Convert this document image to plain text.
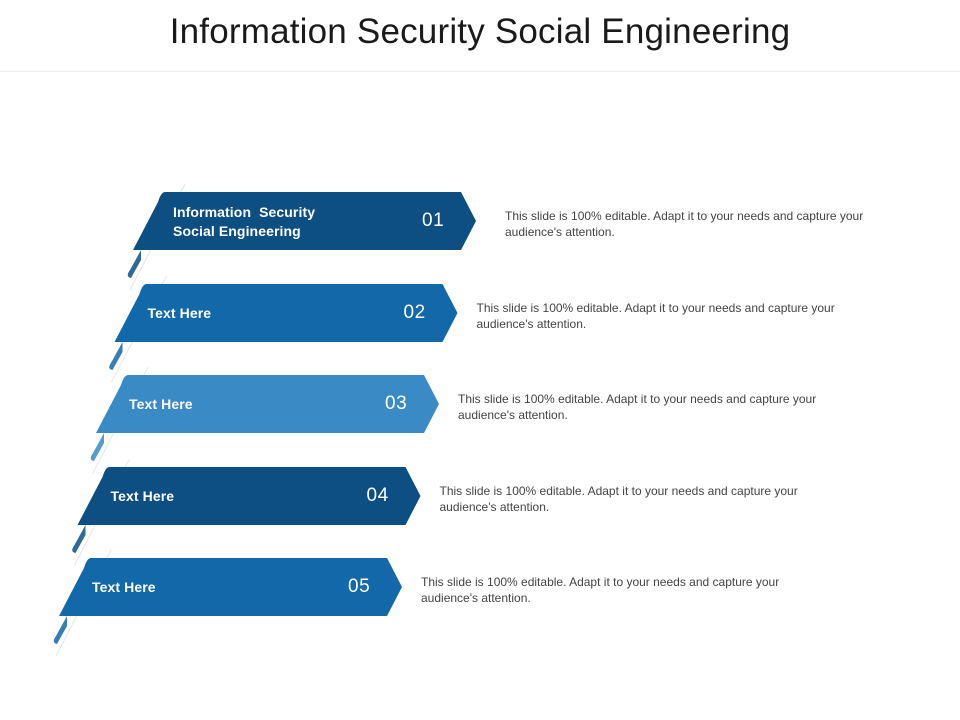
Information Security Social Engineering
Information  Security
Social Engineering	01	This slide is 100% editable. Adapt it to your needs and capture your audience's attention.
Text Here	02	This slide is 100% editable. Adapt it to your needs and capture your audience's attention.
Text Here	03	This slide is 100% editable. Adapt it to your needs and capture your audience's attention.
Text Here	04	This slide is 100% editable. Adapt it to your needs and capture your audience's attention.
Text Here	05	This slide is 100% editable. Adapt it to your needs and capture your audience's attention.
